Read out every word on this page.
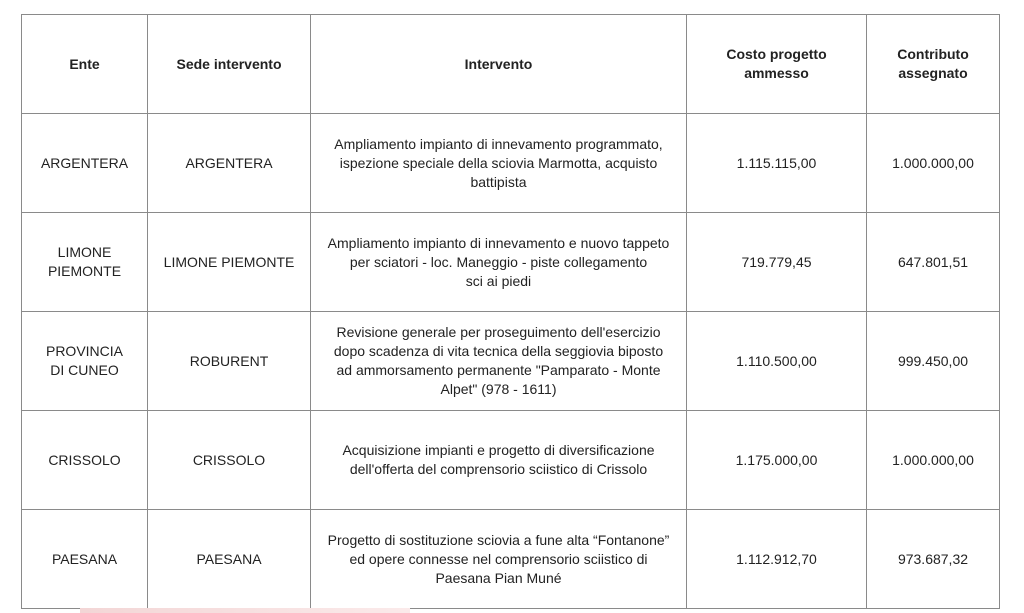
Ente	Sede intervento	Intervento	Costo progetto
ammesso	Contributo
assegnato
ARGENTERA	ARGENTERA	Ampliamento impianto di innevamento programmato,
ispezione speciale della sciovia Marmotta, acquisto
battipista	1.115.115,00	1.000.000,00
LIMONE
PIEMONTE	LIMONE PIEMONTE	Ampliamento impianto di innevamento e nuovo tappeto
per sciatori - loc. Maneggio - piste collegamento
sci ai piedi	719.779,45	647.801,51
PROVINCIA
DI CUNEO	ROBURENT	Revisione generale per proseguimento dell'esercizio
dopo scadenza di vita tecnica della seggiovia biposto
ad ammorsamento permanente "Pamparato - Monte
Alpet" (978 - 1611)	1.110.500,00	999.450,00
CRISSOLO	CRISSOLO	Acquisizione impianti e progetto di diversificazione
dell'offerta del comprensorio sciistico di Crissolo	1.175.000,00	1.000.000,00
PAESANA	PAESANA	Progetto di sostituzione sciovia a fune alta “Fontanone”
ed opere connesse nel comprensorio sciistico di
Paesana Pian Muné	1.112.912,70	973.687,32
